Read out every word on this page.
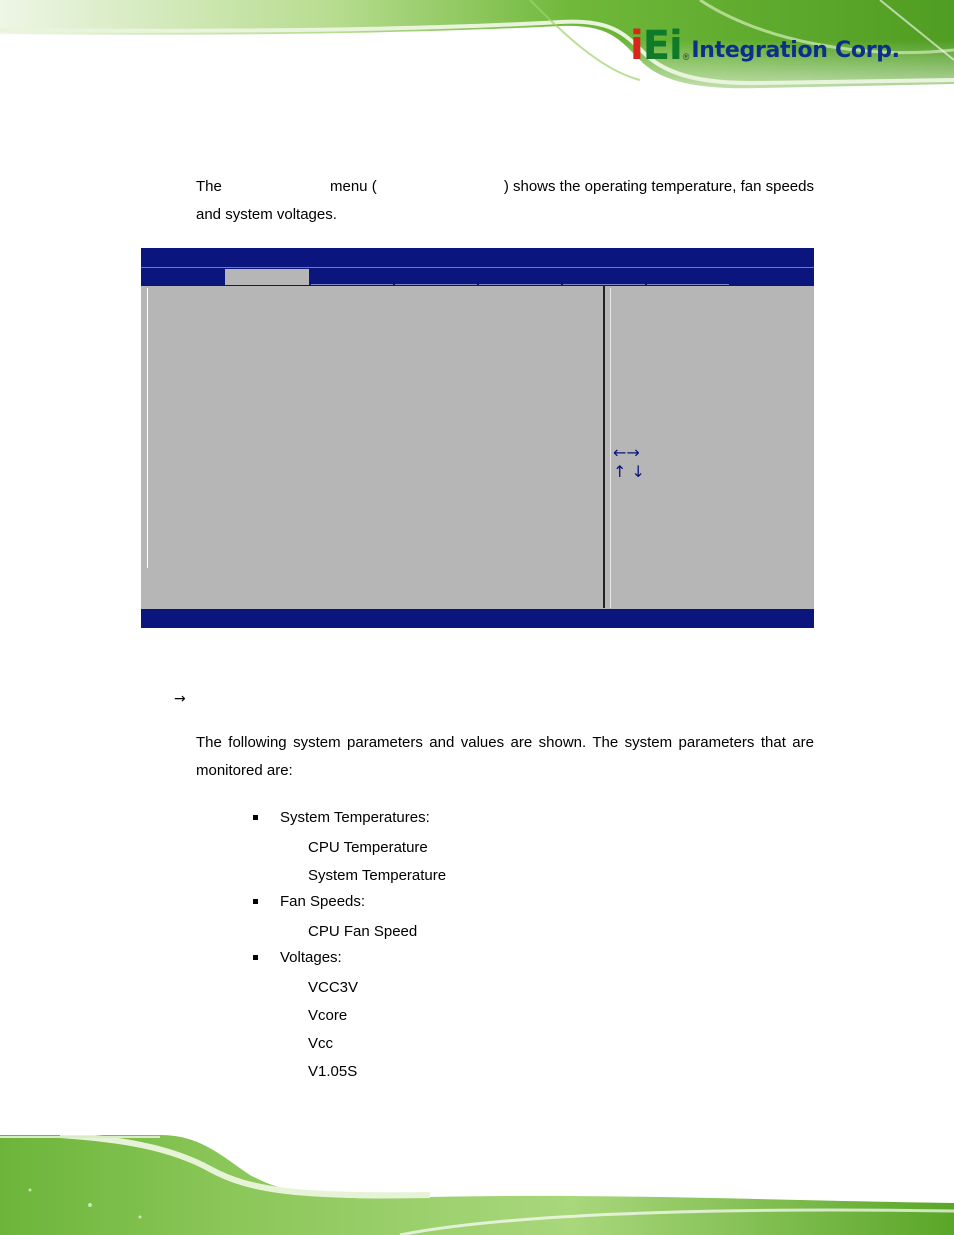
iEi ® Integration Corp.
The	menu (	) shows the operating temperature, fan speeds
and system voltages.
←→
↑ ↓
→
The following system parameters and values are shown. The system parameters that are monitored are:
System Temperatures:
CPU Temperature
System Temperature
Fan Speeds:
CPU Fan Speed
Voltages:
VCC3V
Vcore
Vcc
V1.05S
